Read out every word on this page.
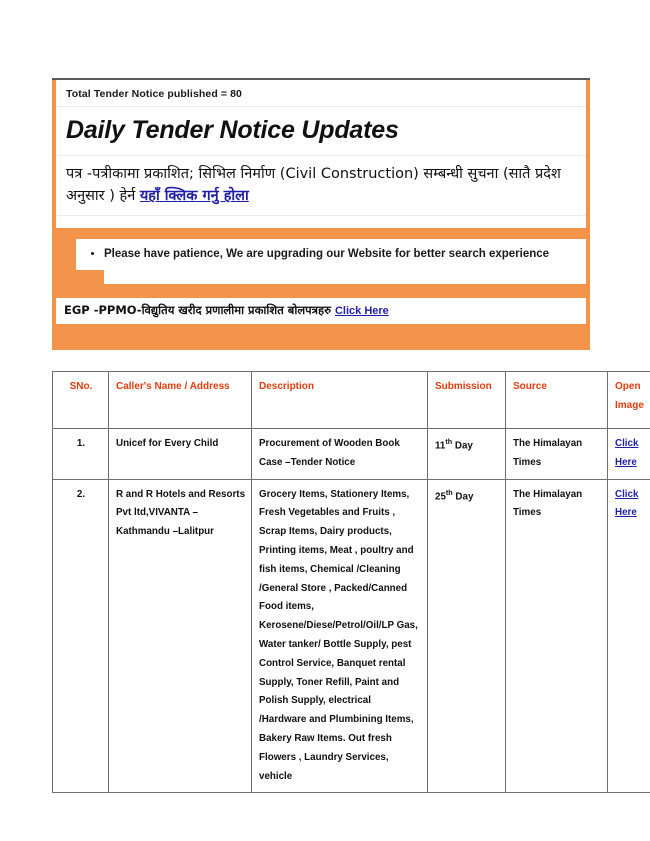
Total Tender Notice published = 80
Daily Tender Notice Updates
पत्र -पत्रीकामा प्रकाशित; सिभिल निर्माण (Civil Construction) सम्बन्धी सुचना (सातै प्रदेश अनुसार ) हेर्न यहाँ क्लिक गर्नु होला
• Please have patience, We are upgrading our Website for better search experience
EGP -PPMO-विद्युतिय खरीद प्रणालीमा प्रकाशित बोलपत्रहरु Click Here
SNo.	Caller's Name / Address	Description	Submission	Source	Open Image
1.	Unicef for Every Child	Procurement of Wooden Book Case –Tender Notice	11th Day	The Himalayan Times	Click
Here

2.	R and R Hotels and Resorts Pvt ltd,VIVANTA –Kathmandu –Lalitpur	Grocery Items, Stationery Items, Fresh Vegetables and Fruits , Scrap Items, Dairy products, Printing items, Meat , poultry and fish items, Chemical /Cleaning /General Store , Packed/Canned Food items, Kerosene/Diese/Petrol/Oil/LP Gas, Water tanker/ Bottle Supply, pest Control Service, Banquet rental Supply, Toner Refill, Paint and Polish Supply, electrical /Hardware and Plumbining Items, Bakery Raw Items. Out fresh Flowers , Laundry Services, vehicle	25th Day	The Himalayan Times	Click
Here
